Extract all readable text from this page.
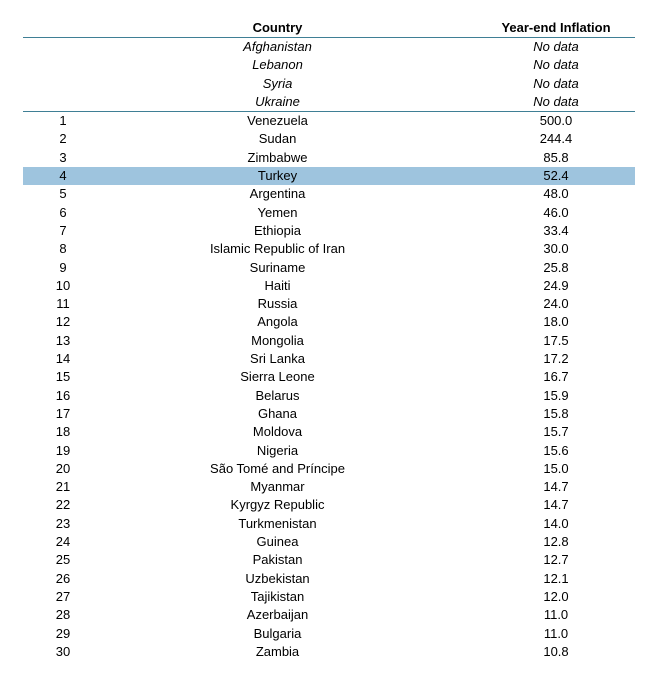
Country	Year-end Inflation
Afghanistan	No data
Lebanon	No data
Syria	No data
Ukraine	No data
1	Venezuela	500.0
2	Sudan	244.4
3	Zimbabwe	85.8
4	Turkey	52.4
5	Argentina	48.0
6	Yemen	46.0
7	Ethiopia	33.4
8	Islamic Republic of Iran	30.0
9	Suriname	25.8
10	Haiti	24.9
11	Russia	24.0
12	Angola	18.0
13	Mongolia	17.5
14	Sri Lanka	17.2
15	Sierra Leone	16.7
16	Belarus	15.9
17	Ghana	15.8
18	Moldova	15.7
19	Nigeria	15.6
20	São Tomé and Príncipe	15.0
21	Myanmar	14.7
22	Kyrgyz Republic	14.7
23	Turkmenistan	14.0
24	Guinea	12.8
25	Pakistan	12.7
26	Uzbekistan	12.1
27	Tajikistan	12.0
28	Azerbaijan	11.0
29	Bulgaria	11.0
30	Zambia	10.8
